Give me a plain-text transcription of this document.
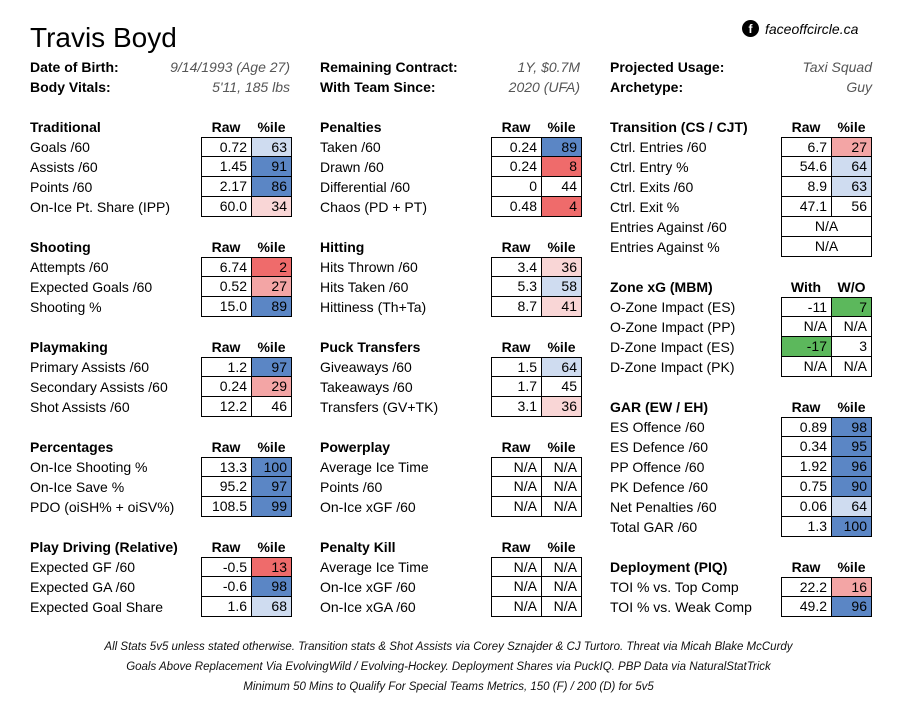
Travis Boyd	f faceoffcircle.ca
Date of Birth:	9/14/1993 (Age 27)
Body Vitals:	5'11, 185 lbs
Remaining Contract:	1Y, $0.7M
With Team Since:	2020 (UFA)
Projected Usage:	Taxi Squad
Archetype:	Guy
Traditional	Raw	%ile
Goals /60	0.72	63
Assists /60	1.45	91
Points /60	2.17	86
On-Ice Pt. Share (IPP)	60.0	34
Shooting	Raw	%ile
Attempts /60	6.74	2
Expected Goals /60	0.52	27
Shooting %	15.0	89
Playmaking	Raw	%ile
Primary Assists /60	1.2	97
Secondary Assists /60	0.24	29
Shot Assists /60	12.2	46
Percentages	Raw	%ile
On-Ice Shooting %	13.3	100
On-Ice Save %	95.2	97
PDO (oiSH% + oiSV%)	108.5	99
Play Driving (Relative)	Raw	%ile
Expected GF /60	-0.5	13
Expected GA /60	-0.6	98
Expected Goal Share	1.6	68
Penalties	Raw	%ile
Taken /60	0.24	89
Drawn /60	0.24	8
Differential /60	0	44
Chaos (PD + PT)	0.48	4
Hitting	Raw	%ile
Hits Thrown /60	3.4	36
Hits Taken /60	5.3	58
Hittiness (Th+Ta)	8.7	41
Puck Transfers	Raw	%ile
Giveaways /60	1.5	64
Takeaways /60	1.7	45
Transfers (GV+TK)	3.1	36
Powerplay	Raw	%ile
Average Ice Time	N/A	N/A
Points /60	N/A	N/A
On-Ice xGF /60	N/A	N/A
Penalty Kill	Raw	%ile
Average Ice Time	N/A	N/A
On-Ice xGF /60	N/A	N/A
On-Ice xGA /60	N/A	N/A
Transition (CS / CJT)	Raw	%ile
Ctrl. Entries /60	6.7	27
Ctrl. Entry %	54.6	64
Ctrl. Exits /60	8.9	63
Ctrl. Exit %	47.1	56
Entries Against /60	N/A
Entries Against %	N/A
Zone xG (MBM)	With	W/O
O-Zone Impact (ES)	-11	7
O-Zone Impact (PP)	N/A	N/A
D-Zone Impact (ES)	-17	3
D-Zone Impact (PK)	N/A	N/A
GAR (EW / EH)	Raw	%ile
ES Offence /60	0.89	98
ES Defence /60	0.34	95
PP Offence /60	1.92	96
PK Defence /60	0.75	90
Net Penalties /60	0.06	64
Total GAR /60	1.3	100
Deployment (PIQ)	Raw	%ile
TOI % vs. Top Comp	22.2	16
TOI % vs. Weak Comp	49.2	96
All Stats 5v5 unless stated otherwise. Transition stats & Shot Assists via Corey Sznajder & CJ Turtoro. Threat via Micah Blake McCurdy
Goals Above Replacement Via EvolvingWild / Evolving-Hockey. Deployment Shares via PuckIQ. PBP Data via NaturalStatTrick
Minimum 50 Mins to Qualify For Special Teams Metrics, 150 (F) / 200 (D) for 5v5
